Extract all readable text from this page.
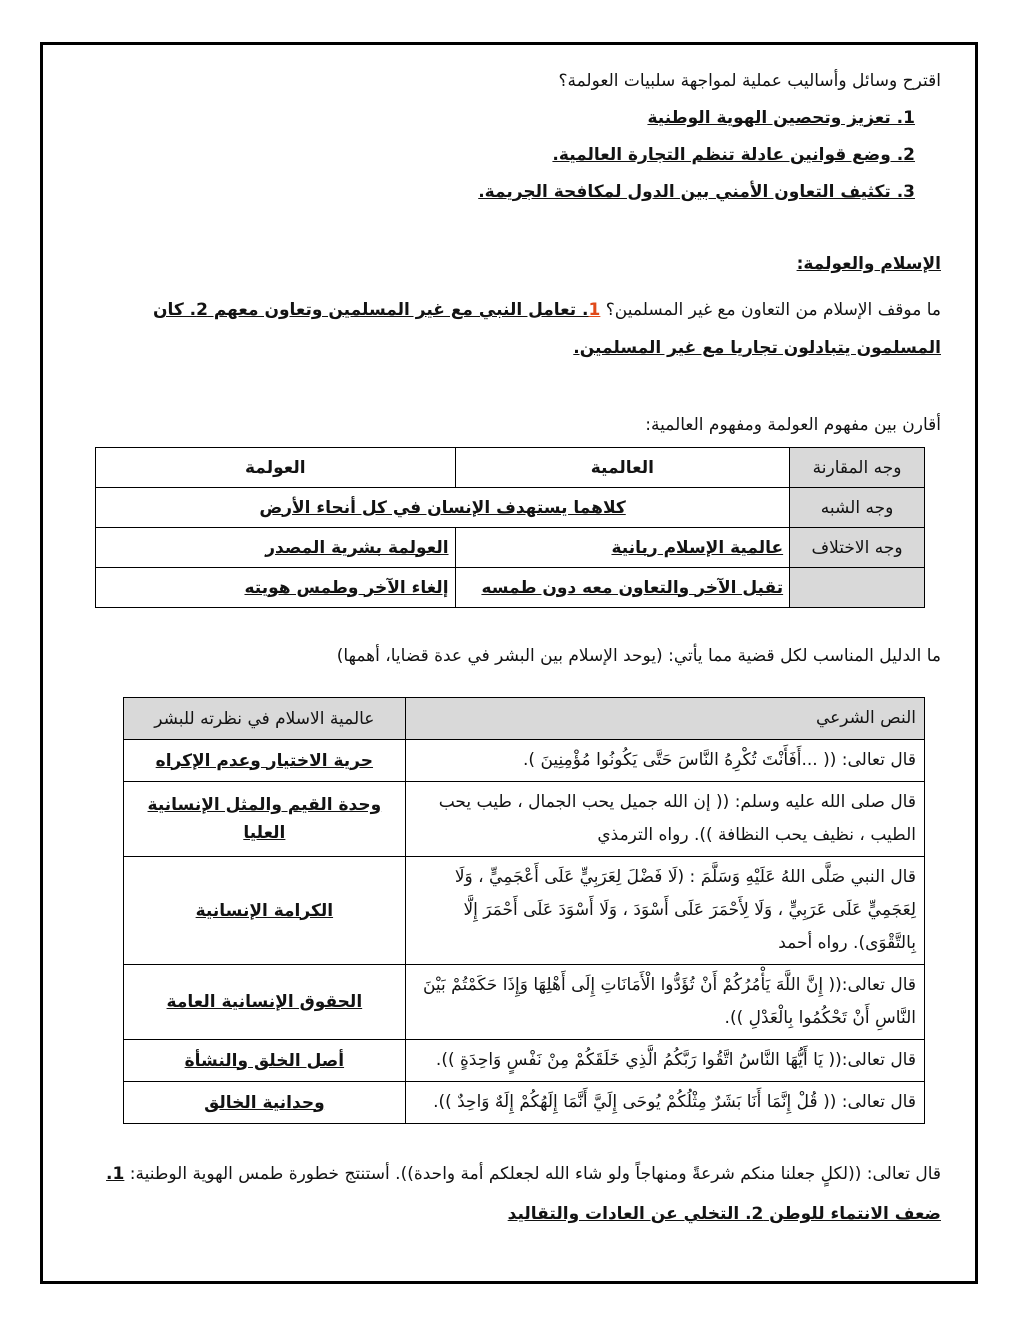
اقترح وسائل وأساليب عملية لمواجهة سلبيات العولمة؟

1. تعزيز وتحصين الهوية الوطنية

2. وضع قوانين عادلة تنظم التجارة العالمية.

3. تكثيف التعاون الأمني بين الدول لمكافحة الجريمة.

الإسلام والعولمة:

ما موقف الإسلام من التعاون مع غير المسلمين؟ 1. تعامل النبي مع غير المسلمين وتعاون معهم 2. كان المسلمون يتبادلون تجاريا مع غير المسلمين.

أقارن بين مفهوم العولمة ومفهوم العالمية:

وجه المقارنة	العالمية	العولمة
وجه الشبه	كلاهما يستهدف الإنسان في كل أنحاء الأرض	
وجه الاختلاف	عالمية الإسلام ربانية	العولمة بشرية المصدر
	تقبل الآخر والتعاون معه دون طمسه	إلغاء الآخر وطمس هويته

ما الدليل المناسب لكل قضية مما يأتي: (يوحد الإسلام بين البشر في عدة قضايا، أهمها)

النص الشرعي	عالمية الاسلام في نظرته للبشر
قال تعالى: (( ...أَفَأَنْتَ تُكْرِهُ النَّاسَ حَتَّى يَكُونُوا مُؤْمِنِينَ ).	حرية الاختيار وعدم الإكراه
قال صلى الله عليه وسلم: (( إن الله جميل يحب الجمال ، طيب يحب الطيب ، نظيف يحب النظافة )). رواه الترمذي	وحدة القيم والمثل الإنسانية العليا
قال النبي صَلَّى اللهُ عَلَيْهِ وَسَلَّمَ : (لَا فَضْلَ لِعَرَبِيٍّ عَلَى أَعْجَمِيٍّ ، وَلَا لِعَجَمِيٍّ عَلَى عَرَبِيٍّ ، وَلَا لِأَحْمَرَ عَلَى أَسْوَدَ ، وَلَا أَسْوَدَ عَلَى أَحْمَرَ إِلَّا بِالتَّقْوَى). رواه أحمد	الكرامة الإنسانية
قال تعالى:(( إِنَّ اللَّهَ يَأْمُرُكُمْ أَنْ تُؤَدُّوا الْأَمَانَاتِ إِلَى أَهْلِهَا وَإِذَا حَكَمْتُمْ بَيْنَ النَّاسِ أَنْ تَحْكُمُوا بِالْعَدْلِ )).	الحقوق الإنسانية العامة
قال تعالى:(( يَا أَيُّهَا النَّاسُ اتَّقُوا رَبَّكُمُ الَّذِي خَلَقَكُمْ مِنْ نَفْسٍ وَاحِدَةٍ )).	أصل الخلق والنشأة
قال تعالى: (( قُلْ إِنَّمَا أَنَا بَشَرٌ مِثْلُكُمْ يُوحَى إِلَيَّ أَنَّمَا إِلَهُكُمْ إِلَهٌ وَاحِدٌ )).	وحدانية الخالق

قال تعالى: ((لكلٍ جعلنا منكم شرعةً ومنهاجاً ولو شاء الله لجعلكم أمة واحدة)). أستنتج خطورة طمس الهوية الوطنية: 1. ضعف الانتماء للوطن 2. التخلي عن العادات والتقاليد
